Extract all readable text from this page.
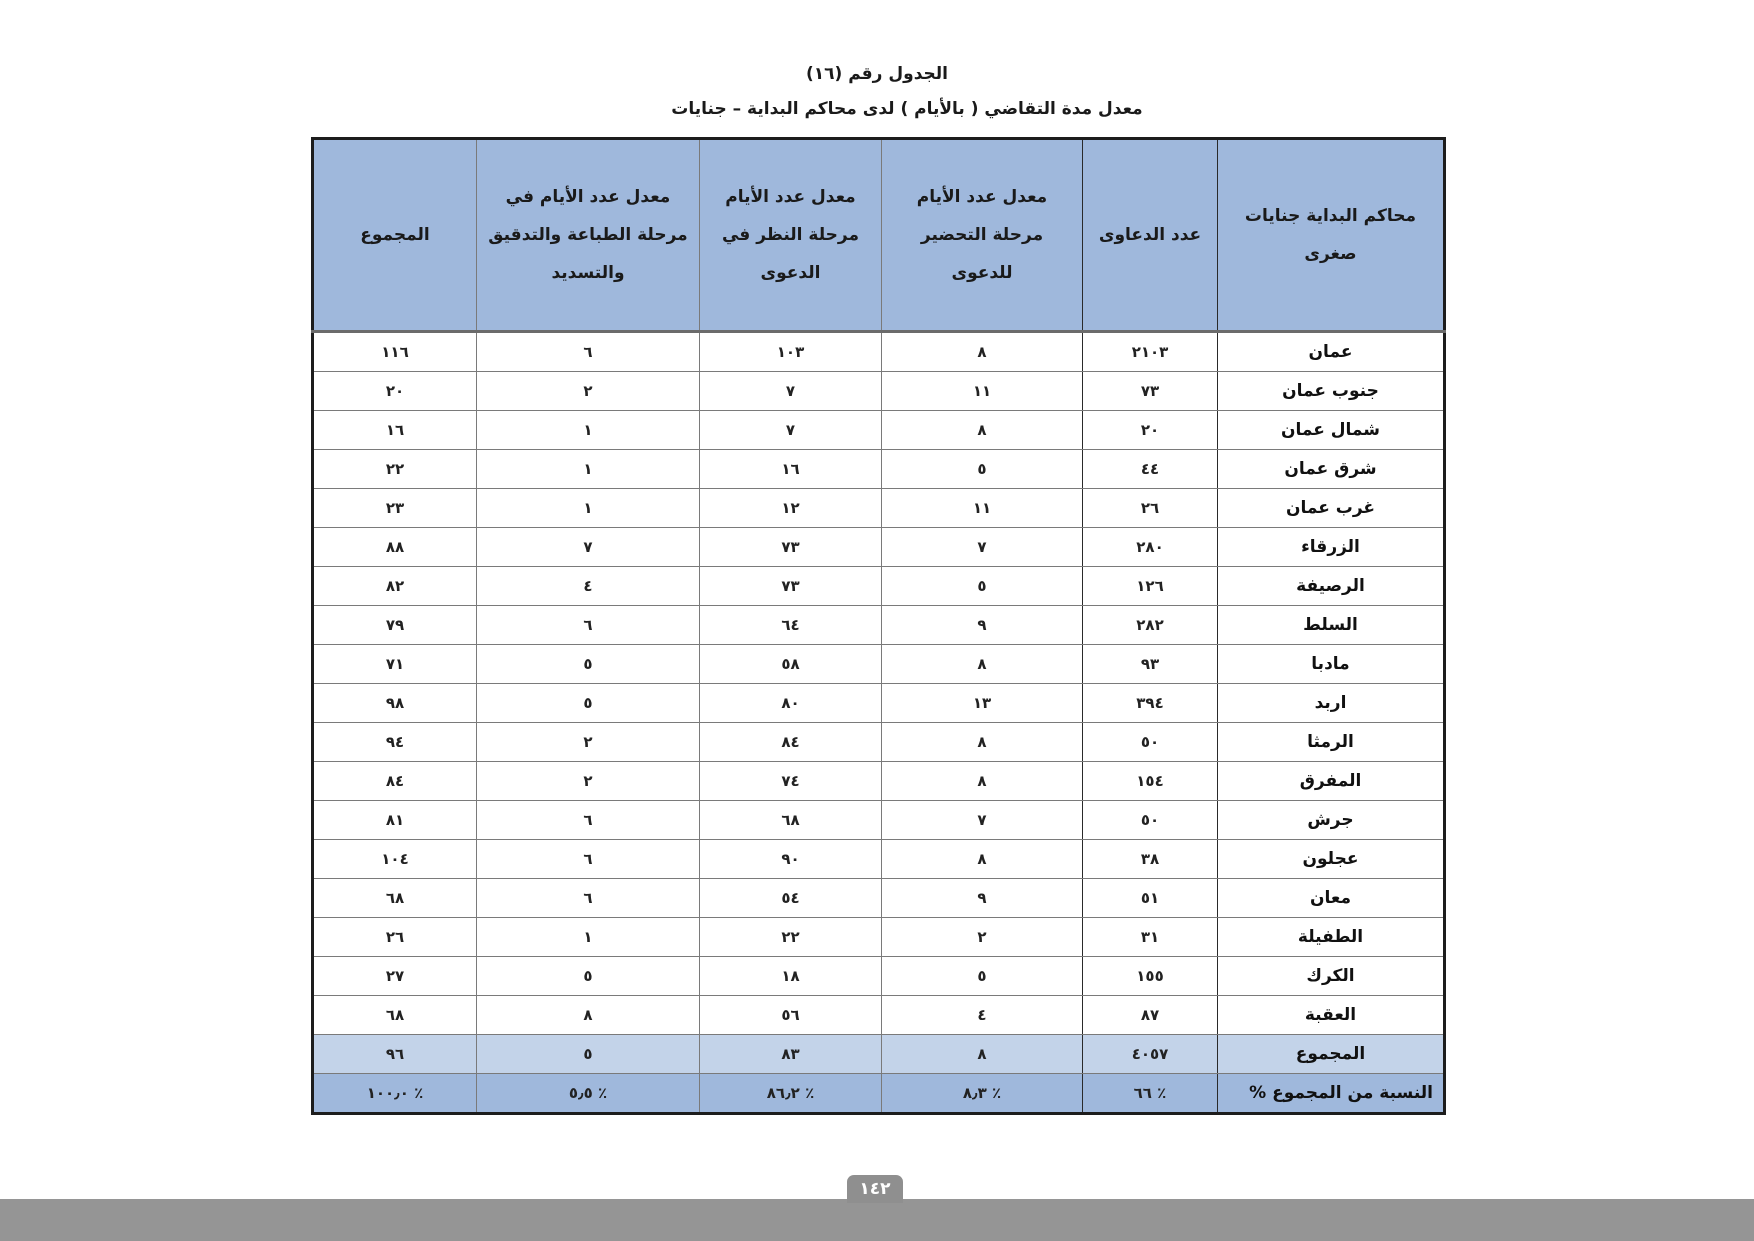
الجدول رقم (١٦)
معدل مدة التقاضي ( بالأيام ) لدى محاكم البداية – جنايات
محاكم البداية جنايات صغرى	عدد الدعاوى	معدل عدد الأيام مرحلة التحضير للدعوى	معدل عدد الأيام مرحلة النظر في الدعوى	معدل عدد الأيام في مرحلة الطباعة والتدقيق والتسديد	المجموع
عمان	٢١٠٣	٨	١٠٣	٦	١١٦
جنوب عمان	٧٣	١١	٧	٢	٢٠
شمال عمان	٢٠	٨	٧	١	١٦
شرق عمان	٤٤	٥	١٦	١	٢٢
غرب عمان	٢٦	١١	١٢	١	٢٣
الزرقاء	٢٨٠	٧	٧٣	٧	٨٨
الرصيفة	١٢٦	٥	٧٣	٤	٨٢
السلط	٢٨٢	٩	٦٤	٦	٧٩
مادبا	٩٣	٨	٥٨	٥	٧١
اربد	٣٩٤	١٣	٨٠	٥	٩٨
الرمثا	٥٠	٨	٨٤	٢	٩٤
المفرق	١٥٤	٨	٧٤	٢	٨٤
جرش	٥٠	٧	٦٨	٦	٨١
عجلون	٣٨	٨	٩٠	٦	١٠٤
معان	٥١	٩	٥٤	٦	٦٨
الطفيلة	٣١	٢	٢٢	١	٢٦
الكرك	١٥٥	٥	١٨	٥	٢٧
العقبة	٨٧	٤	٥٦	٨	٦٨
المجموع	٤٠٥٧	٨	٨٣	٥	٩٦
النسبة من المجموع %	٪ ٦٦	٪ ٨٫٣	٪ ٨٦٫٢	٪ ٥٫٥	٪ ١٠٠٫٠
١٤٢
